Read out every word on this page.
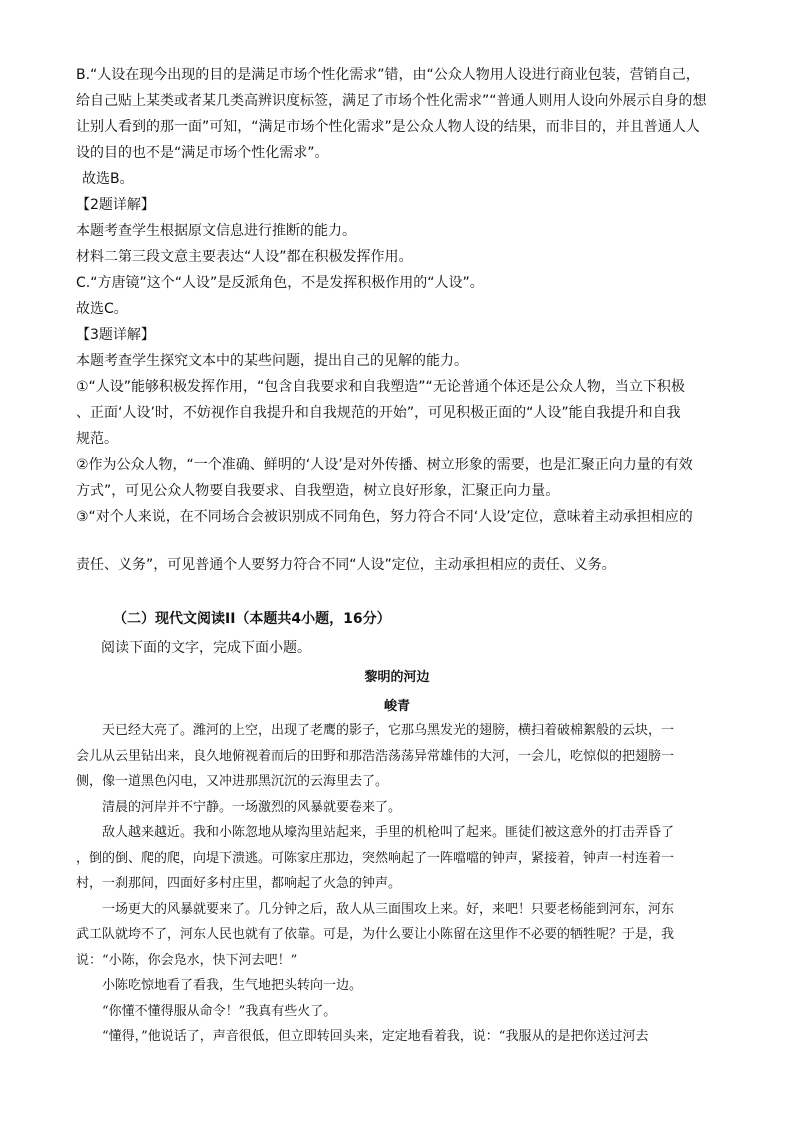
B.“人设在现今出现的目的是满足市场个性化需求”错，由“公众人物用人设进行商业包装，营销自己，

给自己贴上某类或者某几类高辨识度标签，满足了市场个性化需求”“普通人则用人设向外展示自身的想

让别人看到的那一面”可知，“满足市场个性化需求”是公众人物人设的结果，而非目的，并且普通人人

设的目的也不是“满足市场个性化需求”。

故选B。

【2题详解】

本题考查学生根据原文信息进行推断的能力。

材料二第三段文意主要表达“人设”都在积极发挥作用。

C.“方唐镜”这个“人设”是反派角色，不是发挥积极作用的“人设”。

故选C。

【3题详解】

本题考查学生探究文本中的某些问题，提出自己的见解的能力。

①“人设”能够积极发挥作用，“包含自我要求和自我塑造”“无论普通个体还是公众人物，当立下积极

、正面‘人设’时，不妨视作自我提升和自我规范的开始”，可见积极正面的“人设”能自我提升和自我

规范。

②作为公众人物，“一个准确、鲜明的‘人设’是对外传播、树立形象的需要，也是汇聚正向力量的有效

方式”，可见公众人物要自我要求、自我塑造，树立良好形象，汇聚正向力量。

③“对个人来说，在不同场合会被识别成不同角色，努力符合不同‘人设’定位，意味着主动承担相应的

责任、义务”，可见普通个人要努力符合不同“人设”定位，主动承担相应的责任、义务。

（二）现代文阅读II（本题共4小题，16分）
阅读下面的文字，完成下面小题。
黎明的河边
峻青

天已经大亮了。潍河的上空，出现了老鹰的影子，它那乌黑发光的翅膀，横扫着破棉絮般的云块，一

会儿从云里钻出来，良久地俯视着而后的田野和那浩浩荡荡异常雄伟的大河，一会儿，吃惊似的把翅膀一

侧，像一道黑色闪电，又冲进那黑沉沉的云海里去了。

清晨的河岸并不宁静。一场激烈的风暴就要卷来了。

敌人越来越近。我和小陈忽地从壕沟里站起来，手里的机枪叫了起来。匪徒们被这意外的打击弄昏了

，倒的倒、爬的爬，向堤下溃逃。可陈家庄那边，突然响起了一阵噹噹的钟声，紧接着，钟声一村连着一

村，一刹那间，四面好多村庄里，都响起了火急的钟声。

一场更大的风暴就要来了。几分钟之后，敌人从三面围攻上来。好，来吧！只要老杨能到河东，河东

武工队就垮不了，河东人民也就有了依靠。可是，为什么要让小陈留在这里作不必要的牺牲呢？于是，我

说：“小陈，你会凫水，快下河去吧！”

小陈吃惊地看了看我，生气地把头转向一边。

“你懂不懂得服从命令！”我真有些火了。

“懂得，”他说话了，声音很低，但立即转回头来，定定地看着我，说：“我服从的是把你送过河去
